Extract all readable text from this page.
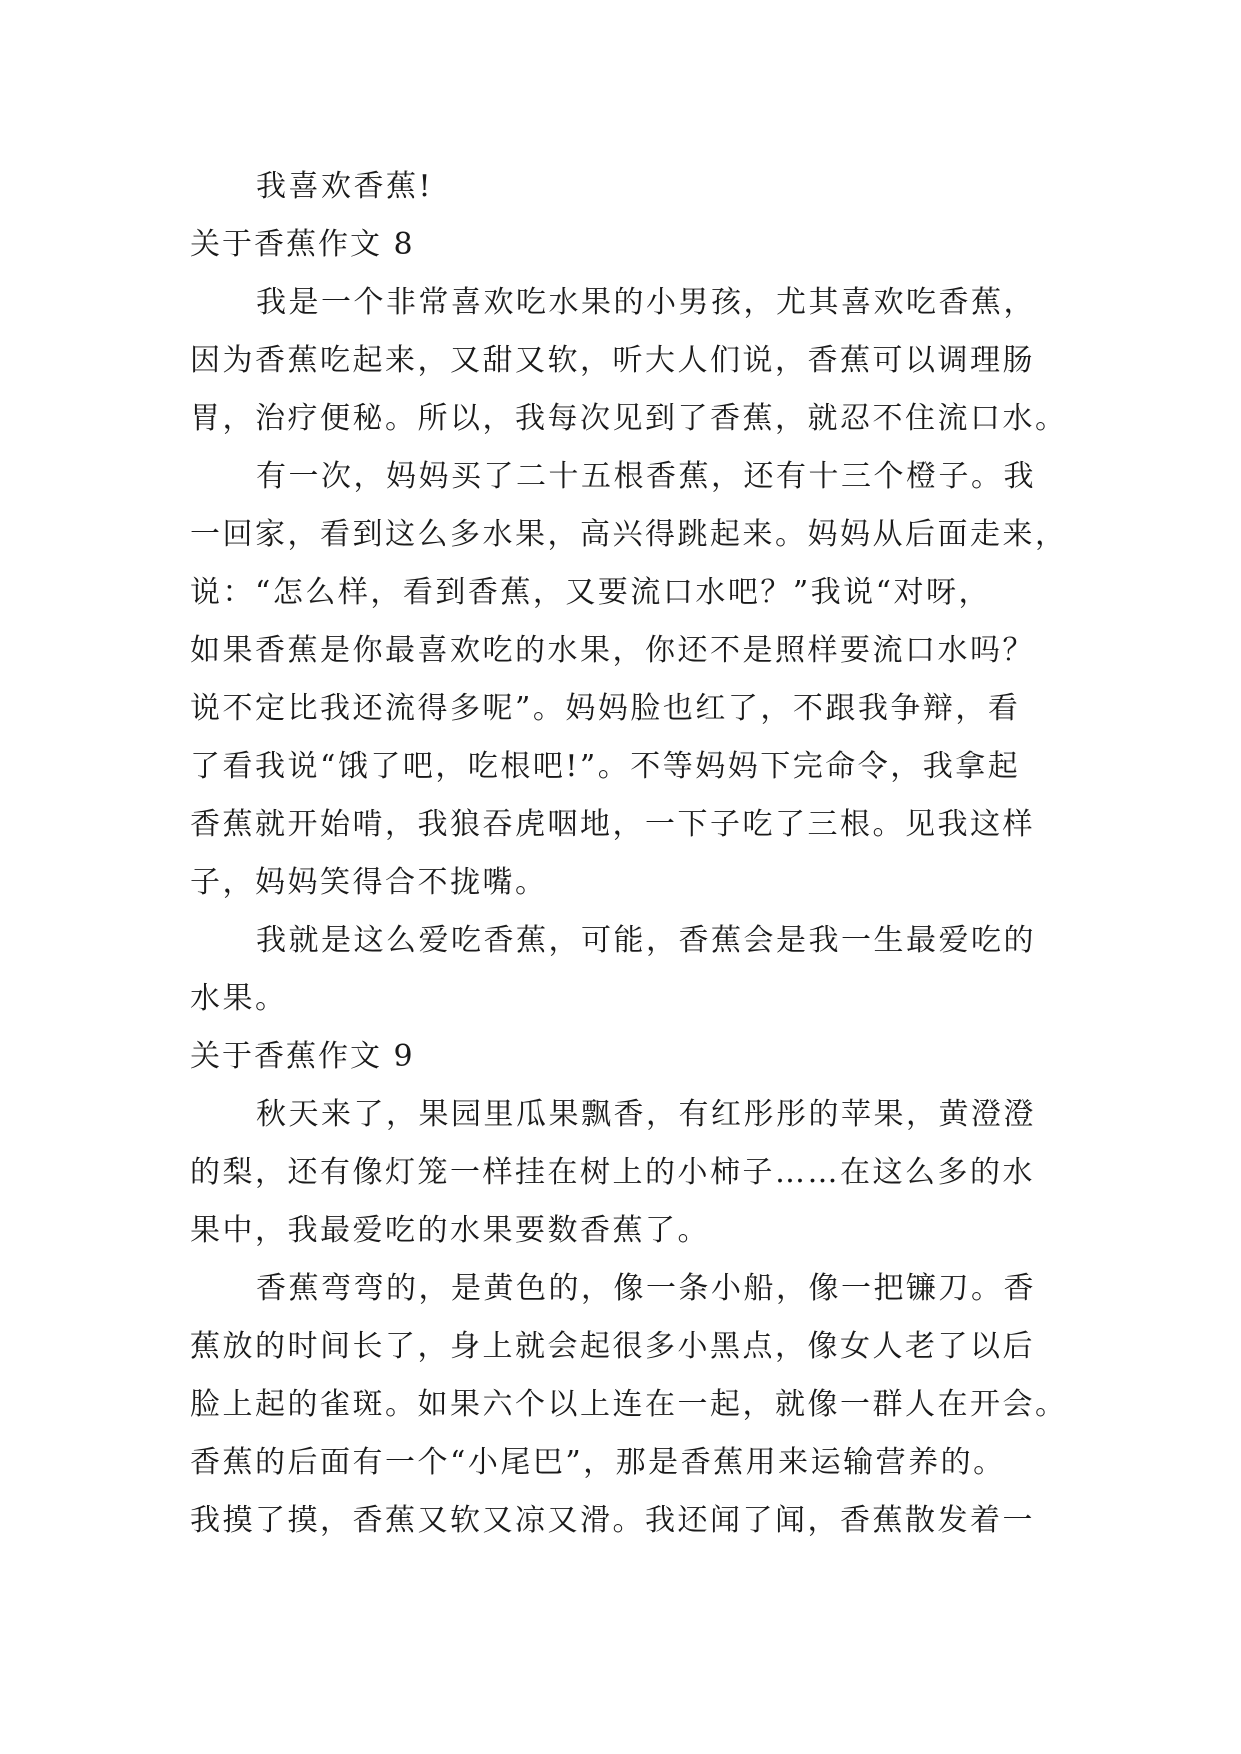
我喜欢香蕉!
关于香蕉作文 8
我是一个非常喜欢吃水果的小男孩，尤其喜欢吃香蕉，
因为香蕉吃起来，又甜又软，听大人们说，香蕉可以调理肠
胃，治疗便秘。所以，我每次见到了香蕉，就忍不住流口水。
有一次，妈妈买了二十五根香蕉，还有十三个橙子。我
一回家，看到这么多水果，高兴得跳起来。妈妈从后面走来，
说：“怎么样，看到香蕉，又要流口水吧？”我说“对呀，
如果香蕉是你最喜欢吃的水果，你还不是照样要流口水吗？
说不定比我还流得多呢”。妈妈脸也红了，不跟我争辩，看
了看我说“饿了吧，吃根吧!”。不等妈妈下完命令，我拿起
香蕉就开始啃，我狼吞虎咽地，一下子吃了三根。见我这样
子，妈妈笑得合不拢嘴。
我就是这么爱吃香蕉，可能，香蕉会是我一生最爱吃的
水果。
关于香蕉作文 9
秋天来了，果园里瓜果飘香，有红彤彤的苹果，黄澄澄
的梨，还有像灯笼一样挂在树上的小柿子……在这么多的水
果中，我最爱吃的水果要数香蕉了。
香蕉弯弯的，是黄色的，像一条小船，像一把镰刀。香
蕉放的时间长了，身上就会起很多小黑点，像女人老了以后
脸上起的雀斑。如果六个以上连在一起，就像一群人在开会。
香蕉的后面有一个“小尾巴”，那是香蕉用来运输营养的。
我摸了摸，香蕉又软又凉又滑。我还闻了闻，香蕉散发着一
